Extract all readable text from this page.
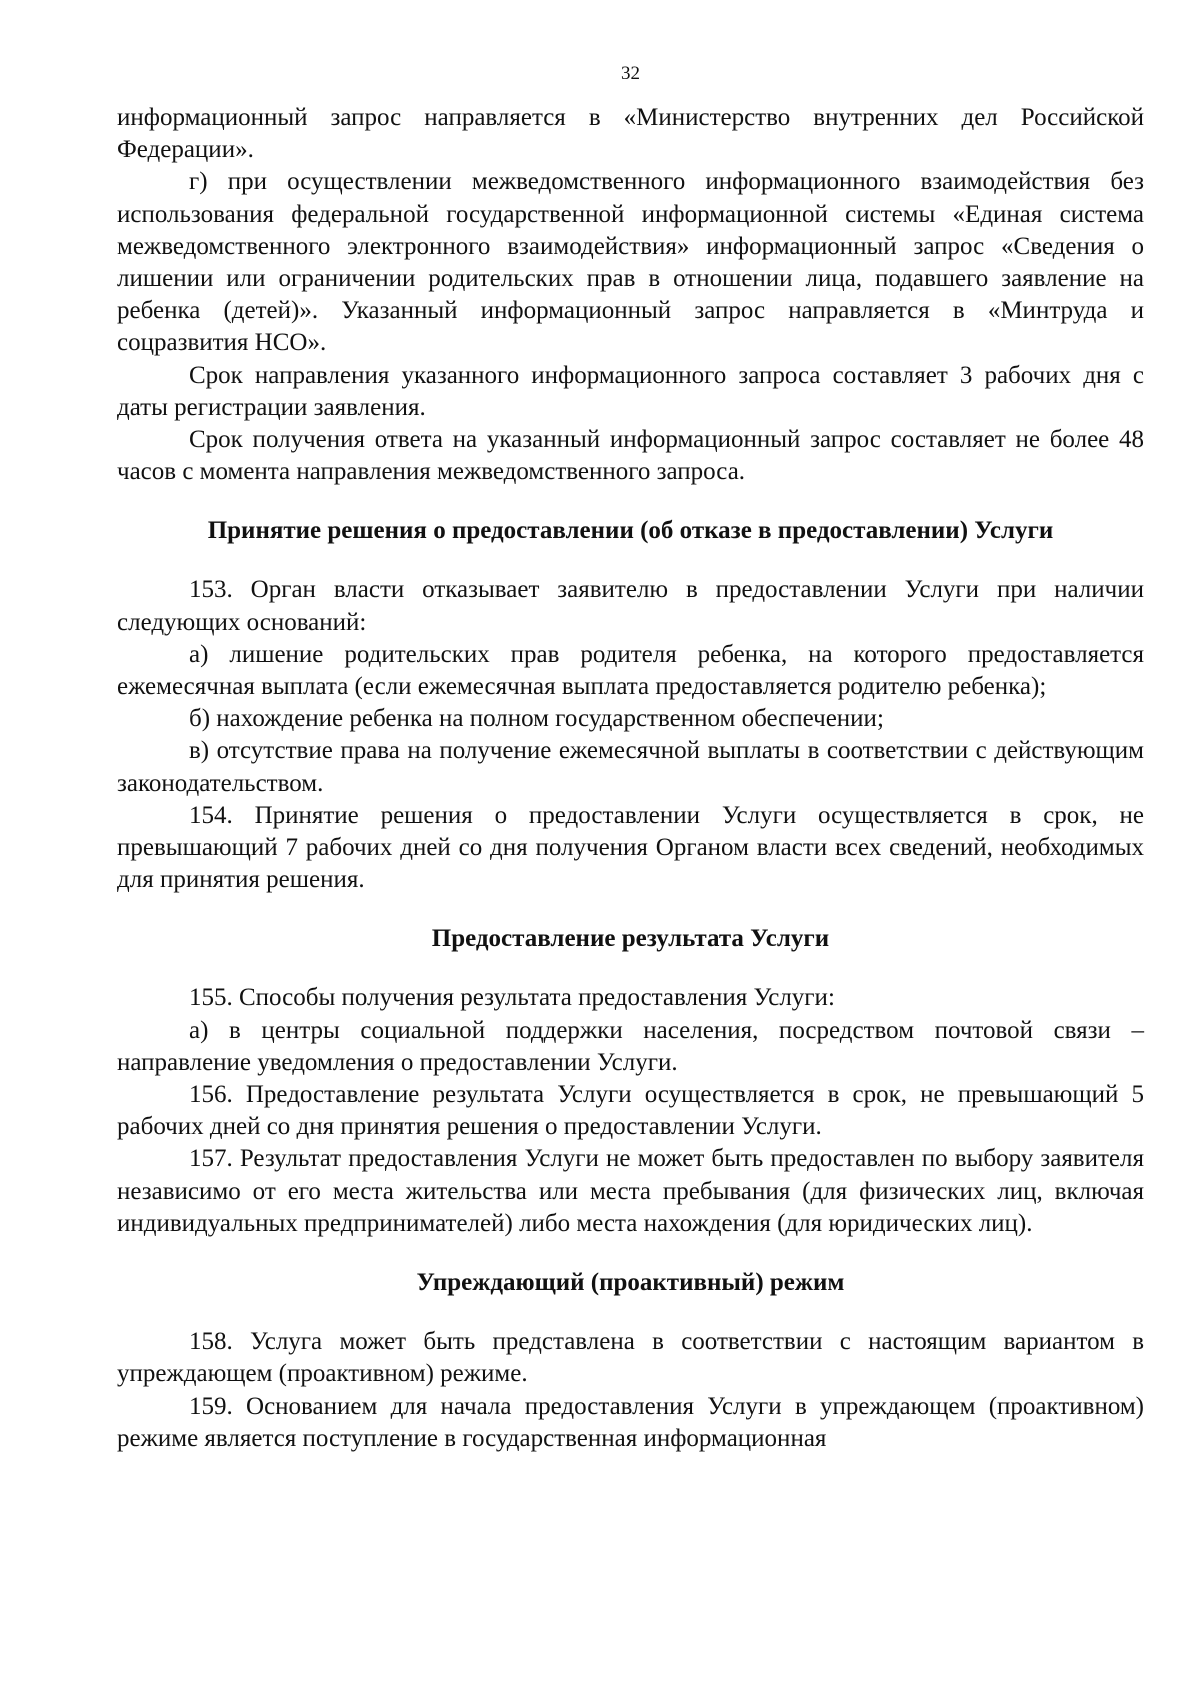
32

информационный запрос направляется в «Министерство внутренних дел Российской Федерации».

г) при осуществлении межведомственного информационного взаимодействия без использования федеральной государственной информационной системы «Единая система межведомственного электронного взаимодействия» информационный запрос «Сведения о лишении или ограничении родительских прав в отношении лица, подавшего заявление на ребенка (детей)». Указанный информационный запрос направляется в «Минтруда и соцразвития НСО».

Срок направления указанного информационного запроса составляет 3 рабочих дня с даты регистрации заявления.

Срок получения ответа на указанный информационный запрос составляет не более 48 часов с момента направления межведомственного запроса.

Принятие решения о предоставлении (об отказе в предоставлении) Услуги

153. Орган власти отказывает заявителю в предоставлении Услуги при наличии следующих оснований:

а) лишение родительских прав родителя ребенка, на которого предоставляется ежемесячная выплата (если ежемесячная выплата предоставляется родителю ребенка);

б) нахождение ребенка на полном государственном обеспечении;

в) отсутствие права на получение ежемесячной выплаты в соответствии с действующим законодательством.

154. Принятие решения о предоставлении Услуги осуществляется в срок, не превышающий 7 рабочих дней со дня получения Органом власти всех сведений, необходимых для принятия решения.

Предоставление результата Услуги

155. Способы получения результата предоставления Услуги:

а) в центры социальной поддержки населения, посредством почтовой связи – направление уведомления о предоставлении Услуги.

156. Предоставление результата Услуги осуществляется в срок, не превышающий 5 рабочих дней со дня принятия решения о предоставлении Услуги.

157. Результат предоставления Услуги не может быть предоставлен по выбору заявителя независимо от его места жительства или места пребывания (для физических лиц, включая индивидуальных предпринимателей) либо места нахождения (для юридических лиц).

Упреждающий (проактивный) режим

158. Услуга может быть представлена в соответствии с настоящим вариантом в упреждающем (проактивном) режиме.

159. Основанием для начала предоставления Услуги в упреждающем (проактивном) режиме является поступление в государственная информационная
